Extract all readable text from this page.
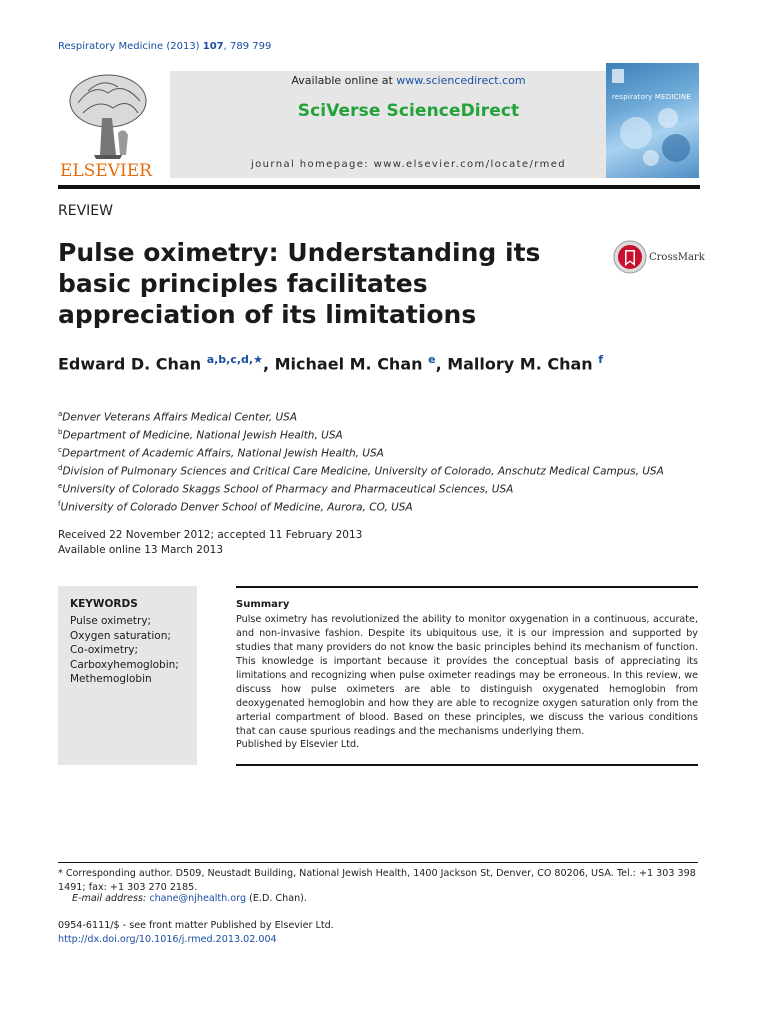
Respiratory Medicine (2013) 107, 789 799
ELSEVIER
Available online at www.sciencedirect.com
SciVerse ScienceDirect
journal homepage: www.elsevier.com/locate/rmed
respiratory MEDICINE
REVIEW
Pulse oximetry: Understanding its basic principles facilitates appreciation of its limitations
CrossMark
Edward D. Chan $^{a,b,c,d,★}$, Michael M. Chan $^e$, Mallory M. Chan $^f$
$^a$Denver Veterans Affairs Medical Center, USA
$^b$Department of Medicine, National Jewish Health, USA
$^c$Department of Academic Affairs, National Jewish Health, USA
$^d$Division of Pulmonary Sciences and Critical Care Medicine, University of Colorado, Anschutz Medical Campus, USA
$^e$University of Colorado Skaggs School of Pharmacy and Pharmaceutical Sciences, USA
$^f$University of Colorado Denver School of Medicine, Aurora, CO, USA
Received 22 November 2012; accepted 11 February 2013
Available online 13 March 2013
KEYWORDS
Pulse oximetry;
Oxygen saturation;
Co-oximetry;
Carboxyhemoglobin;
Methemoglobin
Summary
Pulse oximetry has revolutionized the ability to monitor oxygenation in a continuous, accurate, and non-invasive fashion. Despite its ubiquitous use, it is our impression and supported by studies that many providers do not know the basic principles behind its mechanism of function. This knowledge is important because it provides the conceptual basis of appreciating its limitations and recognizing when pulse oximeter readings may be erroneous. In this review, we discuss how pulse oximeters are able to distinguish oxygenated hemoglobin from deoxygenated hemoglobin and how they are able to recognize oxygen saturation only from the arterial compartment of blood. Based on these principles, we discuss the various conditions that can cause spurious readings and the mechanisms underlying them.
Published by Elsevier Ltd.
* Corresponding author. D509, Neustadt Building, National Jewish Health, 1400 Jackson St, Denver, CO 80206, USA. Tel.: +1 303 398 1491; fax: +1 303 270 2185.
E-mail address: chane@njhealth.org (E.D. Chan).
0954-6111/$ - see front matter Published by Elsevier Ltd.
http://dx.doi.org/10.1016/j.rmed.2013.02.004
